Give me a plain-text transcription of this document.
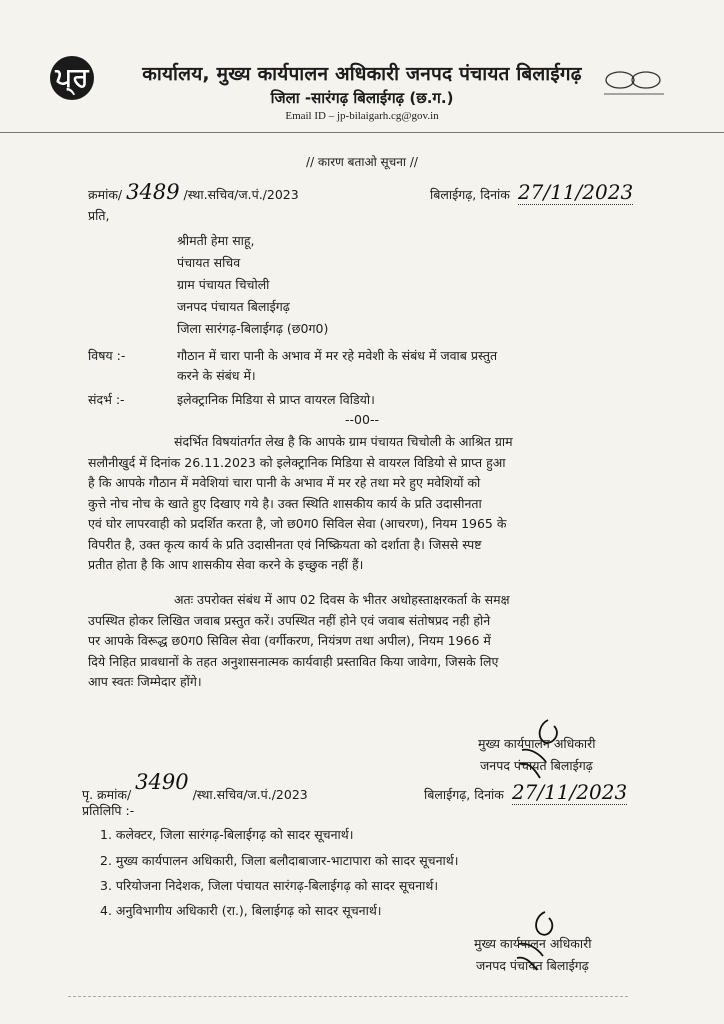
ਪ੍ਰ	कार्यालय, मुख्य कार्यपालन अधिकारी जनपद पंचायत बिलाईगढ़
जिला -सारंगढ़ बिलाईगढ़ (छ.ग.)
Email ID – jp-bilaigarh.cg@gov.in
// कारण बताओ सूचना //
क्रमांक/ 3489 /स्था.सचिव/ज.पं./2023	बिलाईगढ़, दिनांक 27/11/2023
प्रति,
श्रीमती हेमा साहू,
पंचायत सचिव
ग्राम पंचायत चिचोली
जनपद पंचायत बिलाईगढ़
जिला सारंगढ़-बिलाईगढ़ (छ0ग0)
विषय :-	गौठान में चारा पानी के अभाव में मर रहे मवेशी के संबंध में जवाब प्रस्तुत
करने के संबंध में।
संदर्भ :-	इलेक्ट्रानिक मिडिया से प्राप्त वायरल विडियो।
--00--
संदर्भित विषयांतर्गत लेख है कि आपके ग्राम पंचायत चिचोली के आश्रित ग्राम
सलौनीखुर्द में दिनांक 26.11.2023 को इलेक्ट्रानिक मिडिया से वायरल विडियो से प्राप्त हुआ
है कि आपके गौठान में मवेशियां चारा पानी के अभाव में मर रहे तथा मरे हुए मवेशियों को
कुत्ते नोच नोच के खाते हुए दिखाए गये है। उक्त स्थिति शासकीय कार्य के प्रति उदासीनता
एवं घोर लापरवाही को प्रदर्शित करता है, जो छ0ग0 सिविल सेवा (आचरण), नियम 1965 के
विपरीत है, उक्त कृत्य कार्य के प्रति उदासीनता एवं निष्क्रियता को दर्शाता है। जिससे स्पष्ट
प्रतीत होता है कि आप शासकीय सेवा करने के इच्छुक नहीं हैं।
अतः उपरोक्त संबंध में आप 02 दिवस के भीतर अधोहस्ताक्षरकर्ता के समक्ष
उपस्थित होकर लिखित जवाब प्रस्तुत करें। उपस्थित नहीं होने एवं जवाब संतोषप्रद नही होने
पर आपके विरूद्ध छ0ग0 सिविल सेवा (वर्गीकरण, नियंत्रण तथा अपील), नियम 1966 में
दिये निहित प्रावधानों के तहत अनुशासनात्मक कार्यवाही प्रस्तावित किया जावेगा, जिसके लिए
आप स्वतः जिम्मेदार होंगे।
मुख्य कार्यपालन अधिकारी
जनपद पंचायत बिलाईगढ़
पृ. क्रमांक/ 3490 /स्था.सचिव/ज.पं./2023	बिलाईगढ़, दिनांक 27/11/2023
प्रतिलिपि :-
1. कलेक्टर, जिला सारंगढ़-बिलाईगढ़ को सादर सूचनार्थ।
2. मुख्य कार्यपालन अधिकारी, जिला बलौदाबाजार-भाटापारा को सादर सूचनार्थ।
3. परियोजना निदेशक, जिला पंचायत सारंगढ़-बिलाईगढ़ को सादर सूचनार्थ।
4. अनुविभागीय अधिकारी (रा.), बिलाईगढ़ को सादर सूचनार्थ।
मुख्य कार्यपालन अधिकारी
जनपद पंचायत बिलाईगढ़
